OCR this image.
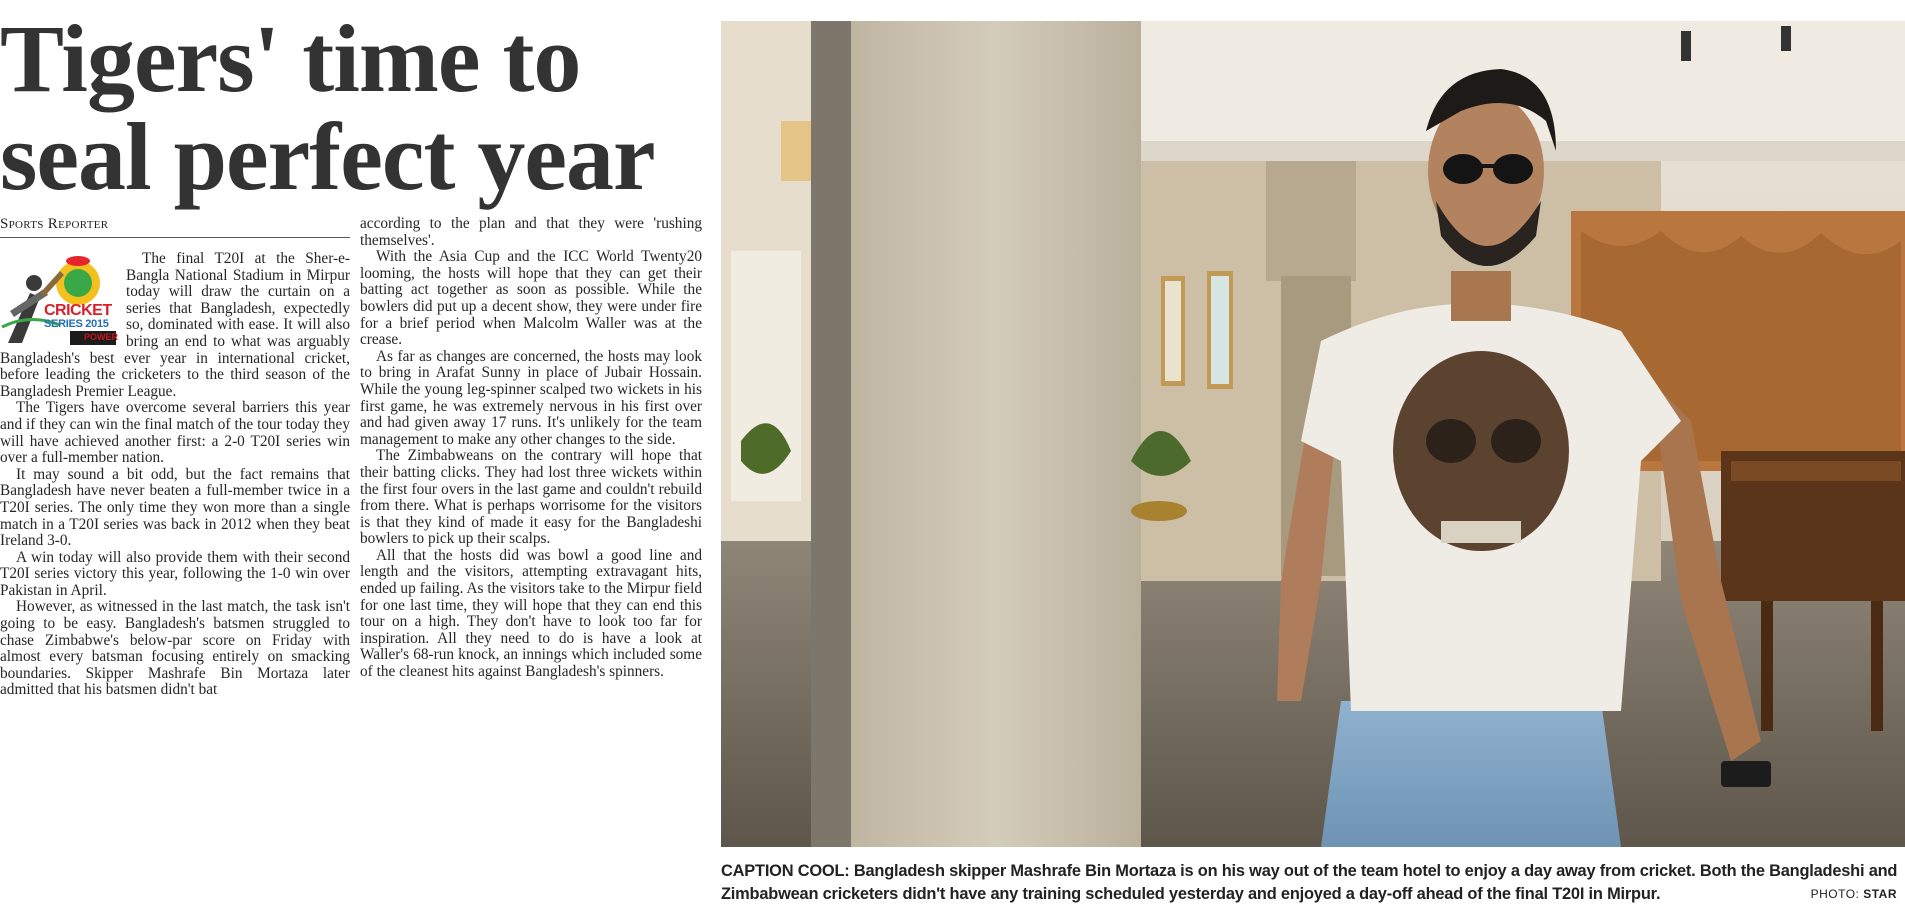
Tigers' time to
seal perfect year
Sports Reporter
CRICKET
SERIES 2015
POWER

The final T20I at the Sher-e-Bangla National Stadium in Mirpur today will draw the curtain on a series that Bangladesh, expectedly so, dominated with ease. It will also bring an end to what was arguably Bangladesh's best ever year in international cricket, before leading the cricketers to the third season of the Bangladesh Premier League.

The Tigers have overcome several barriers this year and if they can win the final match of the tour today they will have achieved another first: a 2-0 T20I series win over a full-member nation.

It may sound a bit odd, but the fact remains that Bangladesh have never beaten a full-member twice in a T20I series. The only time they won more than a single match in a T20I series was back in 2012 when they beat Ireland 3-0.

A win today will also provide them with their second T20I series victory this year, following the 1-0 win over Pakistan in April.

However, as witnessed in the last match, the task isn't going to be easy. Bangladesh's batsmen struggled to chase Zimbabwe's below-par score on Friday with almost every batsman focusing entirely on smacking boundaries. Skipper Mashrafe Bin Mortaza later admitted that his batsmen didn't bat

according to the plan and that they were 'rushing themselves'.

With the Asia Cup and the ICC World Twenty20 looming, the hosts will hope that they can get their batting act together as soon as possible. While the bowlers did put up a decent show, they were under fire for a brief period when Malcolm Waller was at the crease.

As far as changes are concerned, the hosts may look to bring in Arafat Sunny in place of Jubair Hossain. While the young leg-spinner scalped two wickets in his first game, he was extremely nervous in his first over and had given away 17 runs. It's unlikely for the team management to make any other changes to the side.

The Zimbabweans on the contrary will hope that their batting clicks. They had lost three wickets within the first four overs in the last game and couldn't rebuild from there. What is perhaps worrisome for the visitors is that they kind of made it easy for the Bangladeshi bowlers to pick up their scalps.

All that the hosts did was bowl a good line and length and the visitors, attempting extravagant hits, ended up failing. As the visitors take to the Mirpur field for one last time, they will hope that they can end this tour on a high. They don't have to look too far for inspiration. All they need to do is have a look at Waller's 68-run knock, an innings which included some of the cleanest hits against Bangladesh's spinners.

CAPTION COOL: Bangladesh skipper Mashrafe Bin Mortaza is on his way out of the team hotel to enjoy a day away from cricket. Both the Bangladeshi and Zimbabwean cricketers didn't have any training scheduled yesterday and enjoyed a day-off ahead of the final T20I in Mirpur.	PHOTO: STAR
